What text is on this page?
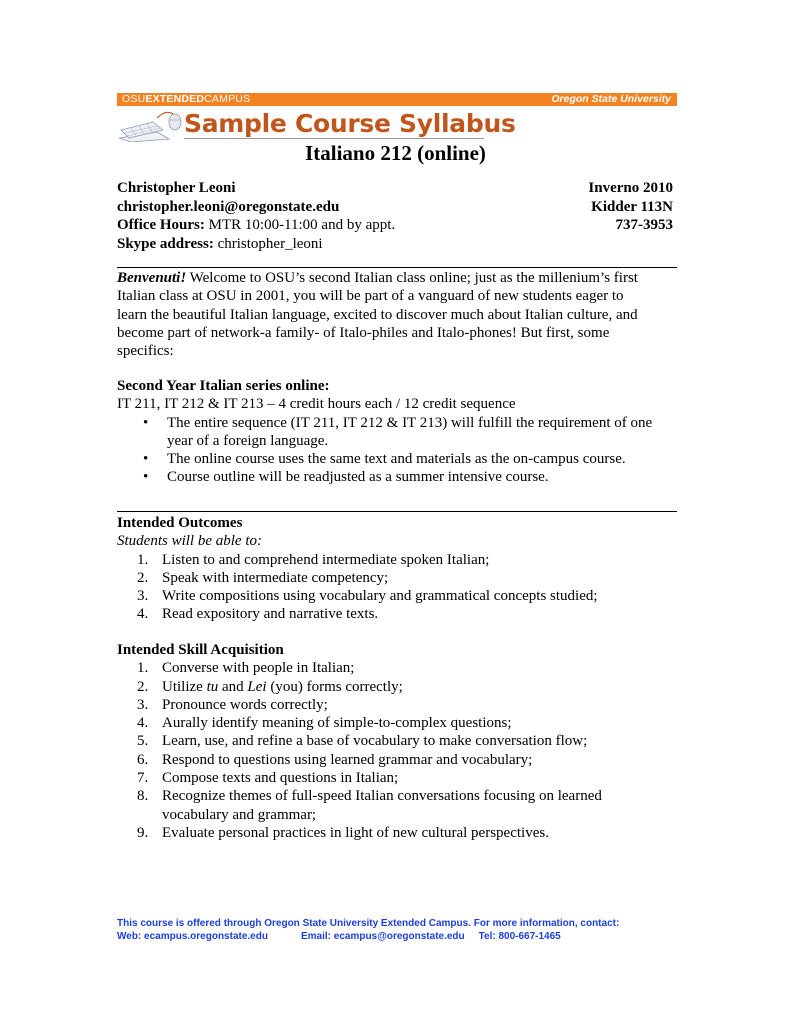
OSUEXTENDEDCAMPUS	Oregon State University
Sample Course Syllabus
Italiano 212 (online)
Christopher Leoni	Inverno 2010
christopher.leoni@oregonstate.edu	Kidder 113N
Office Hours: MTR 10:00-11:00 and by appt.	737-3953
Skype address: christopher_leoni

Benvenuti! Welcome to OSU’s second Italian class online; just as the millenium’s first

Italian class at OSU in 2001, you will be part of a vanguard of new students eager to

learn the beautiful Italian language, excited to discover much about Italian culture, and

become part of network-a family- of Italo-philes and Italo-phones! But first, some

specifics:

Second Year Italian series online:
IT 211, IT 212 & IT 213 – 4 credit hours each / 12 credit sequence
• The entire sequence (IT 211, IT 212 & IT 213) will fulfill the requirement of one
year of a foreign language.
• The online course uses the same text and materials as the on-campus course.
• Course outline will be readjusted as a summer intensive course.
Intended Outcomes
Students will be able to:
1. Listen to and comprehend intermediate spoken Italian;
2. Speak with intermediate competency;
3. Write compositions using vocabulary and grammatical concepts studied;
4. Read expository and narrative texts.
Intended Skill Acquisition
1. Converse with people in Italian;
2. Utilize tu and Lei (you) forms correctly;
3. Pronounce words correctly;
4. Aurally identify meaning of simple-to-complex questions;
5. Learn, use, and refine a base of vocabulary to make conversation flow;
6. Respond to questions using learned grammar and vocabulary;
7. Compose texts and questions in Italian;
8. Recognize themes of full-speed Italian conversations focusing on learned
vocabulary and grammar;
9. Evaluate personal practices in light of new cultural perspectives.
This course is offered through Oregon State University Extended Campus. For more information, contact:
Web: ecampus.oregonstate.edu	Email: ecampus@oregonstate.edu Tel: 800-667-1465
